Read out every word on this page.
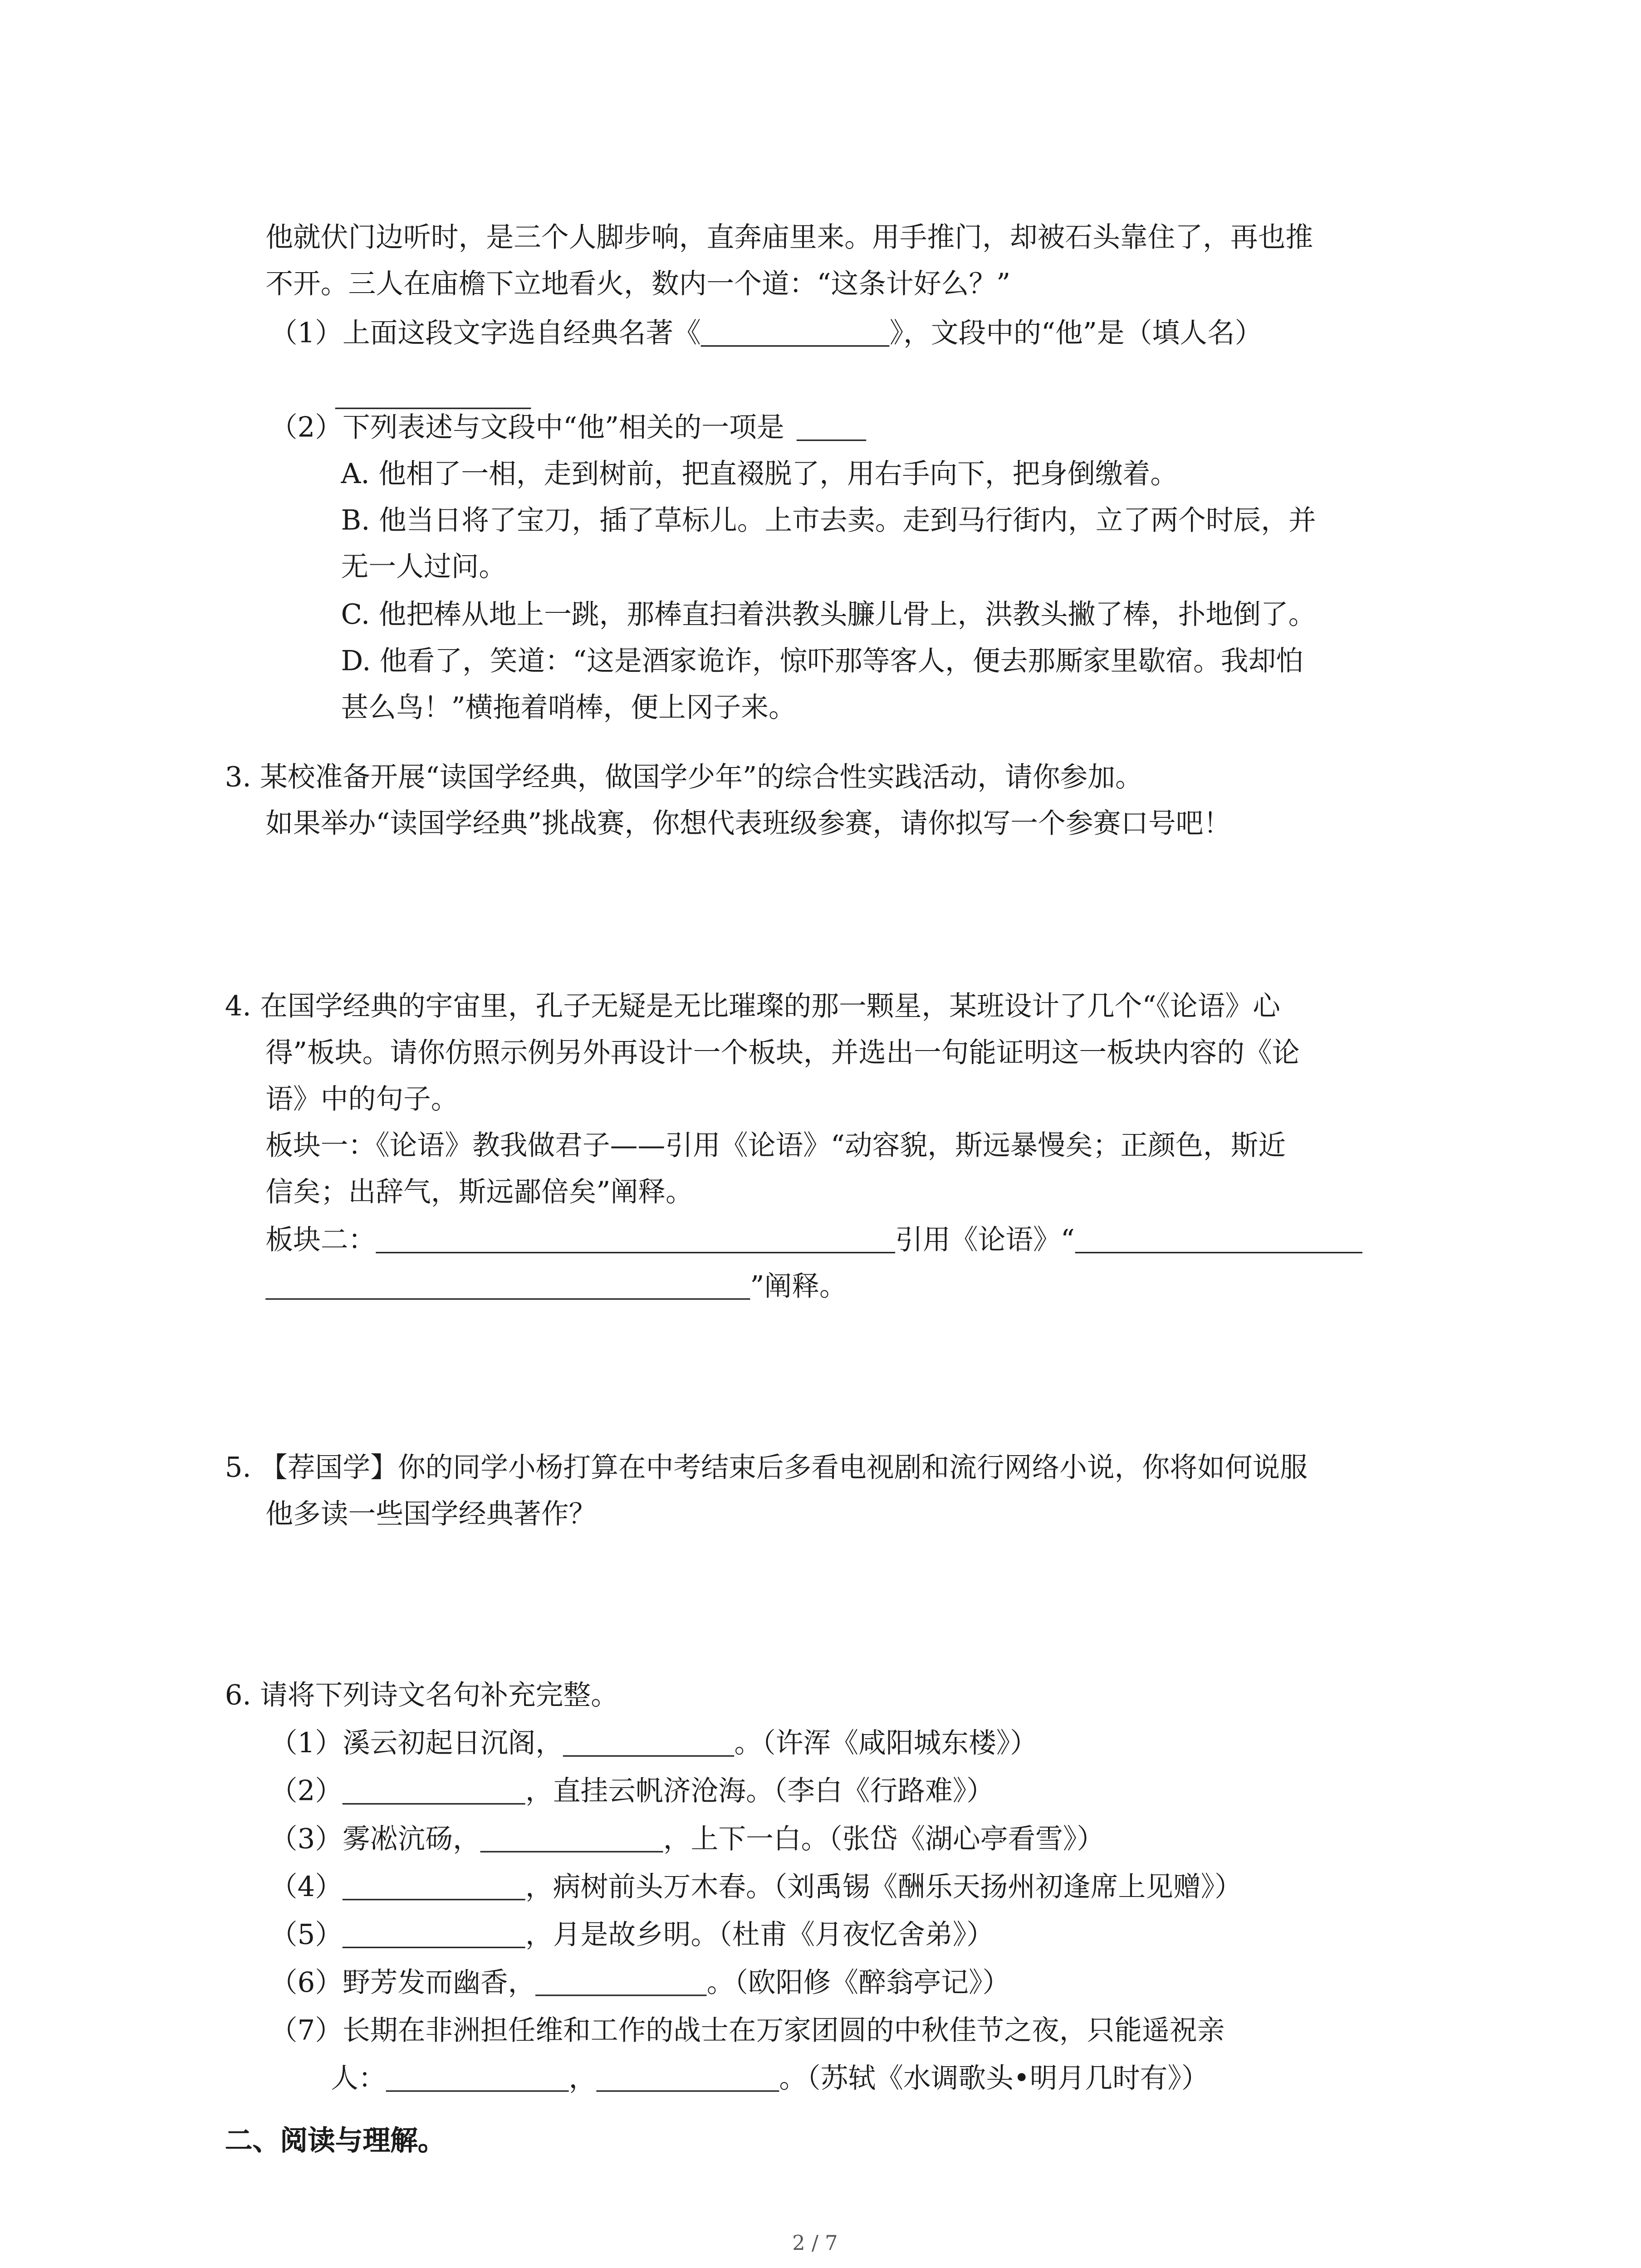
他就伏门边听时，是三个人脚步响，直奔庙里来。用手推门，却被石头靠住了，再也推
不开。三人在庙檐下立地看火，数内一个道：“这条计好么？”
（1）上面这段文字选自经典名著《	》，文段中的“他”是（填人名）
（2）下列表述与文段中“他”相关的一项是
A. 他相了一相，走到树前，把直裰脱了，用右手向下，把身倒缴着。
B. 他当日将了宝刀，插了草标儿。上市去卖。走到马行街内，立了两个时辰，并
无一人过问。
C. 他把棒从地上一跳，那棒直扫着洪教头臁儿骨上，洪教头撇了棒，扑地倒了。
D. 他看了，笑道：“这是酒家诡诈，惊吓那等客人，便去那厮家里歇宿。我却怕
甚么鸟！”横拖着哨棒，便上冈子来。
3. 某校准备开展“读国学经典，做国学少年”的综合性实践活动，请你参加。
如果举办“读国学经典”挑战赛，你想代表班级参赛，请你拟写一个参赛口号吧！
4. 在国学经典的宇宙里，孔子无疑是无比璀璨的那一颗星，某班设计了几个“《论语》心
得”板块。请你仿照示例另外再设计一个板块，并选出一句能证明这一板块内容的《论
语》中的句子。
板块一：《论语》教我做君子——引用《论语》“动容貌，斯远暴慢矣；正颜色，斯近
信矣；出辞气，斯远鄙倍矣”阐释。
板块二：	引用《论语》“
”阐释。
5. 【荐国学】你的同学小杨打算在中考结束后多看电视剧和流行网络小说，你将如何说服
他多读一些国学经典著作？
6. 请将下列诗文名句补充完整。
（1）溪云初起日沉阁，	。（许浑《咸阳城东楼》）
（2）	，直挂云帆济沧海。（李白《行路难》）
（3）雾凇沆砀，	，上下一白。（张岱《湖心亭看雪》）
（4）	，病树前头万木春。（刘禹锡《酬乐天扬州初逢席上见赠》）
（5）	，月是故乡明。（杜甫《月夜忆舍弟》）
（6）野芳发而幽香，	。（欧阳修《醉翁亭记》）
（7）长期在非洲担任维和工作的战士在万家团圆的中秋佳节之夜，只能遥祝亲
人：	，	。（苏轼《水调歌头•明月几时有》）
二、阅读与理解。
2 / 7
